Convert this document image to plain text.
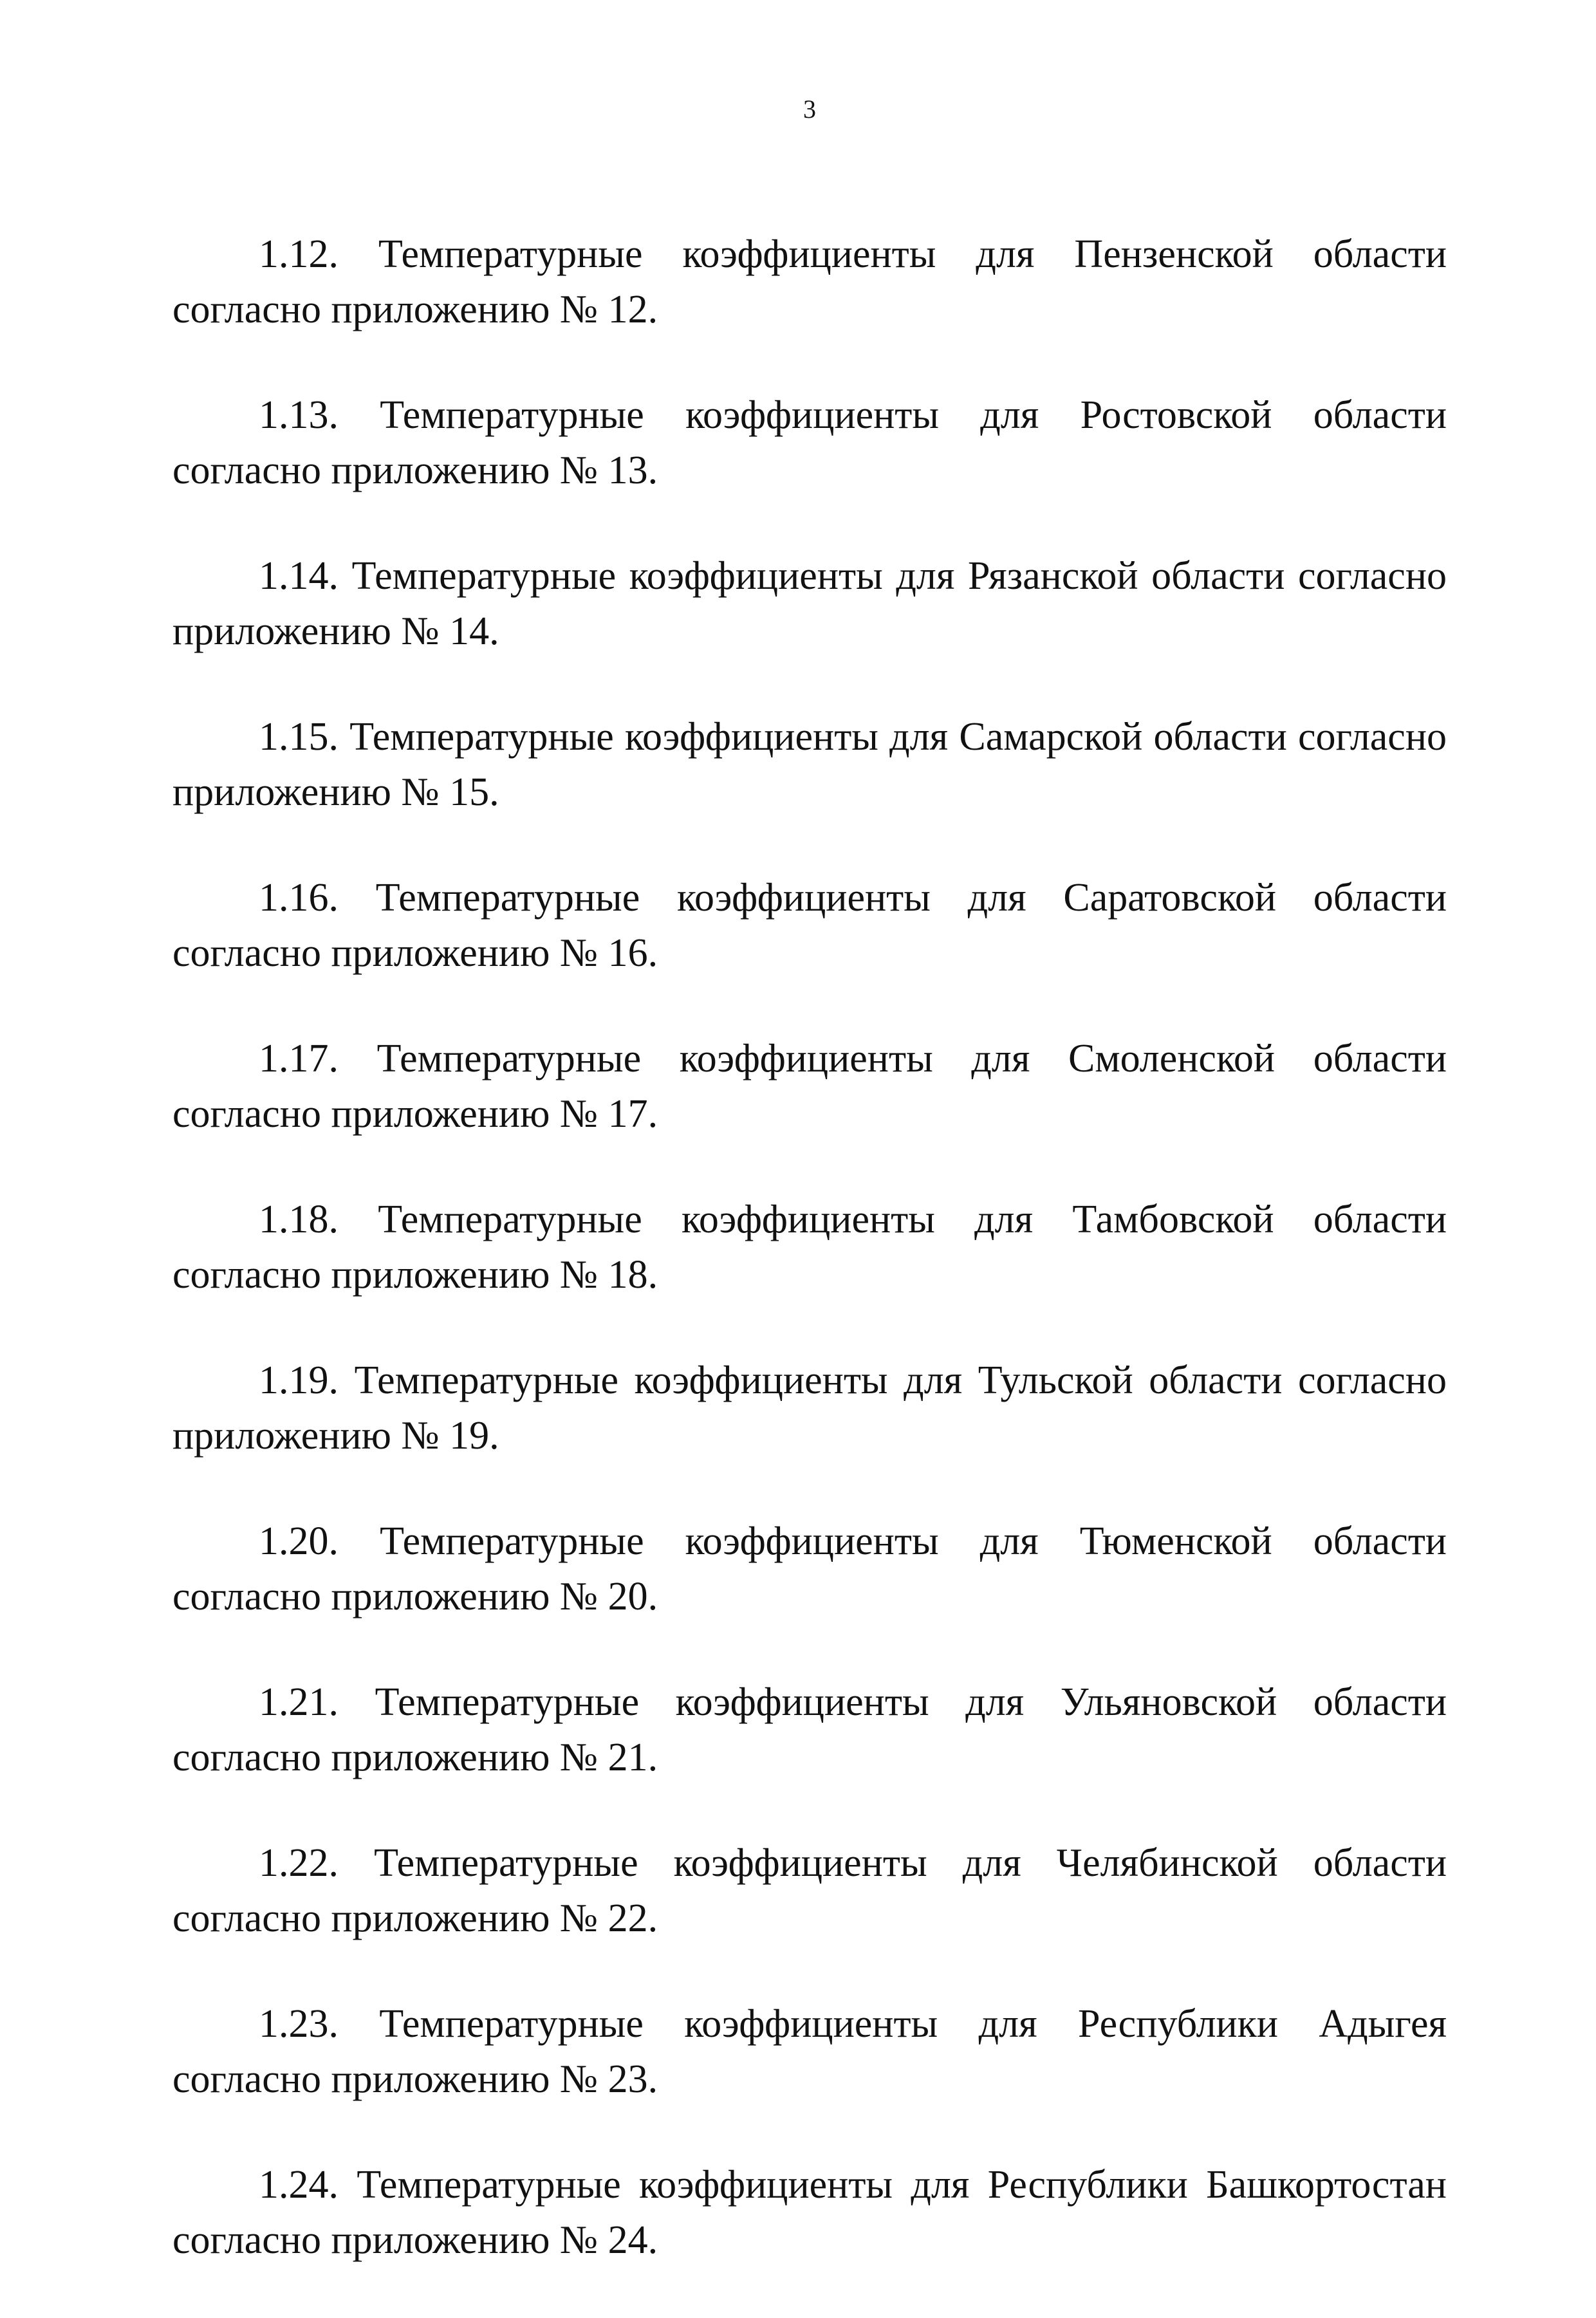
3

1.12. Температурные коэффициенты для Пензенской области согласно приложению № 12.

1.13. Температурные коэффициенты для Ростовской области согласно приложению № 13.

1.14. Температурные коэффициенты для Рязанской области согласно приложению № 14.

1.15. Температурные коэффициенты для Самарской области согласно приложению № 15.

1.16. Температурные коэффициенты для Саратовской области согласно приложению № 16.

1.17. Температурные коэффициенты для Смоленской области согласно приложению № 17.

1.18. Температурные коэффициенты для Тамбовской области согласно приложению № 18.

1.19. Температурные коэффициенты для Тульской области согласно приложению № 19.

1.20. Температурные коэффициенты для Тюменской области согласно приложению № 20.

1.21. Температурные коэффициенты для Ульяновской области согласно приложению № 21.

1.22. Температурные коэффициенты для Челябинской области согласно приложению № 22.

1.23. Температурные коэффициенты для Республики Адыгея согласно приложению № 23.

1.24. Температурные коэффициенты для Республики Башкортостан согласно приложению № 24.
